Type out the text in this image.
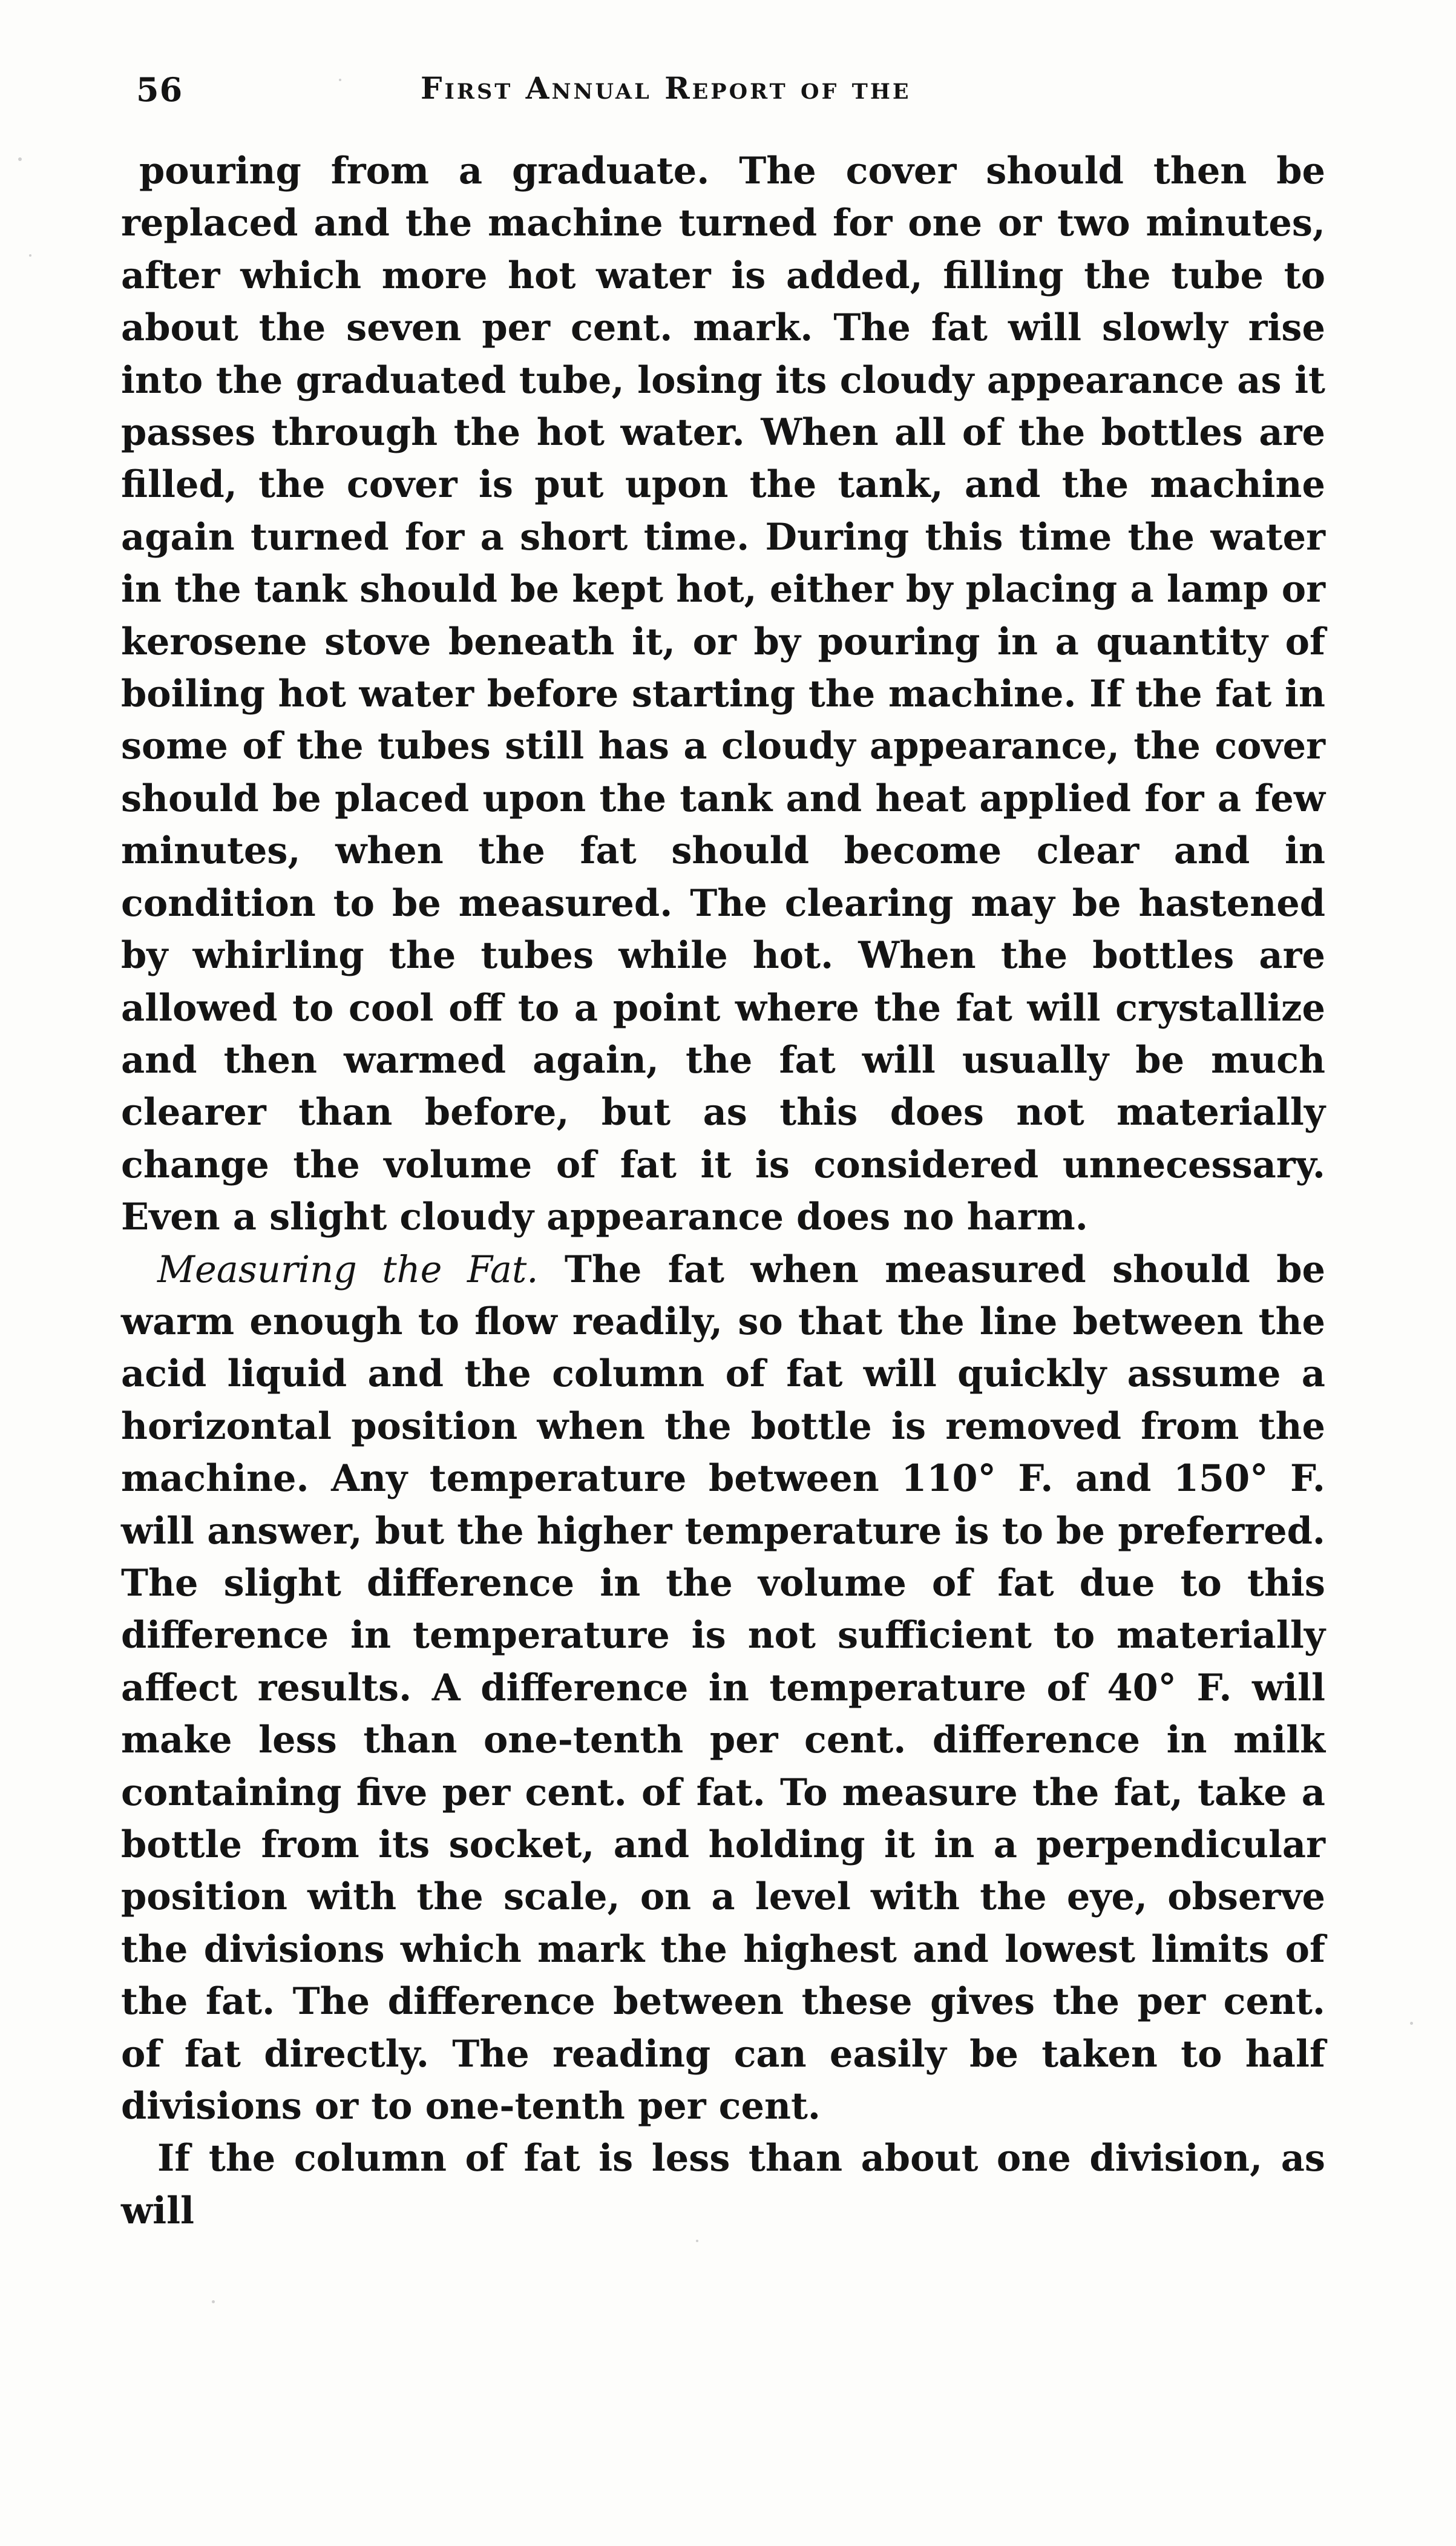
56	First Annual Report of the

pouring from a graduate. The cover should then be replaced and the machine turned for one or two minutes, after which more hot water is added, filling the tube to about the seven per cent. mark. The fat will slowly rise into the graduated tube, losing its cloudy appearance as it passes through the hot water. When all of the bottles are filled, the cover is put upon the tank, and the machine again turned for a short time. During this time the water in the tank should be kept hot, either by placing a lamp or kerosene stove beneath it, or by pouring in a quantity of boiling hot water before starting the machine. If the fat in some of the tubes still has a cloudy appearance, the cover should be placed upon the tank and heat applied for a few minutes, when the fat should become clear and in condition to be measured. The clearing may be hastened by whirling the tubes while hot. When the bottles are allowed to cool off to a point where the fat will crystallize and then warmed again, the fat will usually be much clearer than before, but as this does not materially change the volume of fat it is considered unnecessary. Even a slight cloudy appearance does no harm.

Measuring the Fat. The fat when measured should be warm enough to flow readily, so that the line between the acid liquid and the column of fat will quickly assume a horizontal position when the bottle is removed from the machine. Any temperature between 110° F. and 150° F. will answer, but the higher temperature is to be preferred. The slight difference in the volume of fat due to this difference in temperature is not sufficient to materially affect results. A difference in temperature of 40° F. will make less than one-tenth per cent. difference in milk containing five per cent. of fat. To measure the fat, take a bottle from its socket, and holding it in a perpendicular position with the scale, on a level with the eye, observe the divisions which mark the highest and lowest limits of the fat. The difference between these gives the per cent. of fat directly. The reading can easily be taken to half divisions or to one-tenth per cent.

If the column of fat is less than about one division, as will
